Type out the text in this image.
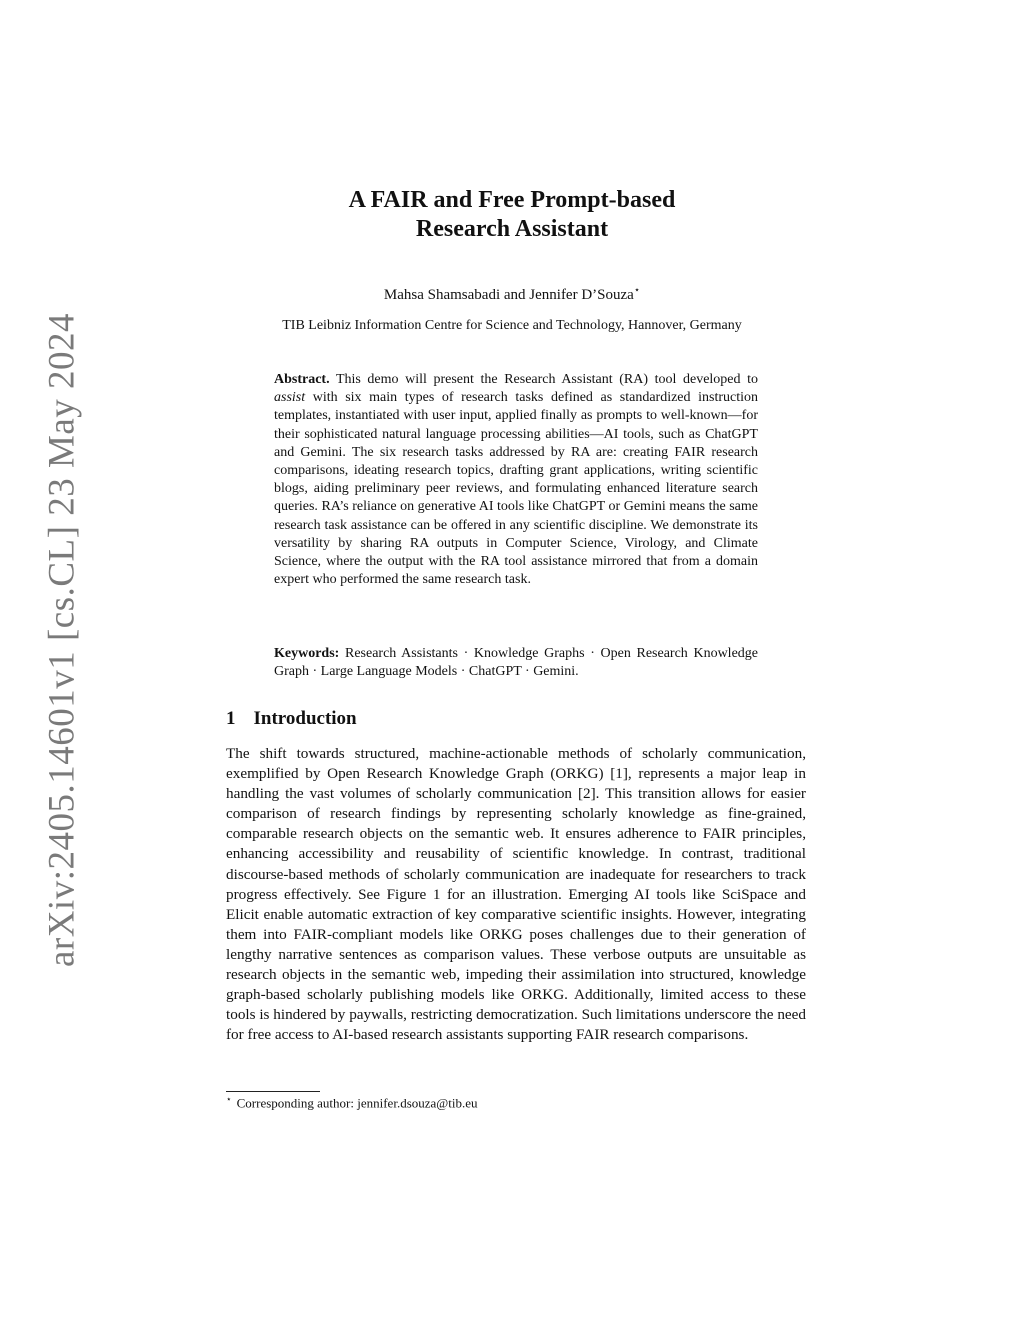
arXiv:2405.14601v1 [cs.CL] 23 May 2024
A FAIR and Free Prompt-based
Research Assistant

Mahsa Shamsabadi and Jennifer D’Souza⋆

TIB Leibniz Information Centre for Science and Technology, Hannover, Germany

Abstract. This demo will present the Research Assistant (RA) tool developed to assist with six main types of research tasks defined as standardized instruction templates, instantiated with user input, applied finally as prompts to well-known—for their sophisticated natural language processing abilities—AI tools, such as ChatGPT and Gemini. The six research tasks addressed by RA are: creating FAIR research comparisons, ideating research topics, drafting grant applications, writing scientific blogs, aiding preliminary peer reviews, and formulating enhanced literature search queries. RA’s reliance on generative AI tools like ChatGPT or Gemini means the same research task assistance can be offered in any scientific discipline. We demonstrate its versatility by sharing RA outputs in Computer Science, Virology, and Climate Science, where the output with the RA tool assistance mirrored that from a domain expert who performed the same research task.

Keywords: Research Assistants · Knowledge Graphs · Open Research Knowledge Graph · Large Language Models · ChatGPT · Gemini.

1 Introduction

The shift towards structured, machine-actionable methods of scholarly communication, exemplified by Open Research Knowledge Graph (ORKG) [1], represents a major leap in handling the vast volumes of scholarly communication [2]. This transition allows for easier comparison of research findings by representing scholarly knowledge as fine-grained, comparable research objects on the semantic web. It ensures adherence to FAIR principles, enhancing accessibility and reusability of scientific knowledge. In contrast, traditional discourse-based methods of scholarly communication are inadequate for researchers to track progress effectively. See Figure 1 for an illustration. Emerging AI tools like SciSpace and Elicit enable automatic extraction of key comparative scientific insights. However, integrating them into FAIR-compliant models like ORKG poses challenges due to their generation of lengthy narrative sentences as comparison values. These verbose outputs are unsuitable as research objects in the semantic web, impeding their assimilation into structured, knowledge graph-based scholarly publishing models like ORKG. Additionally, limited access to these tools is hindered by paywalls, restricting democratization. Such limitations underscore the need for free access to AI-based research assistants supporting FAIR research comparisons.

⋆ Corresponding author: jennifer.dsouza@tib.eu
